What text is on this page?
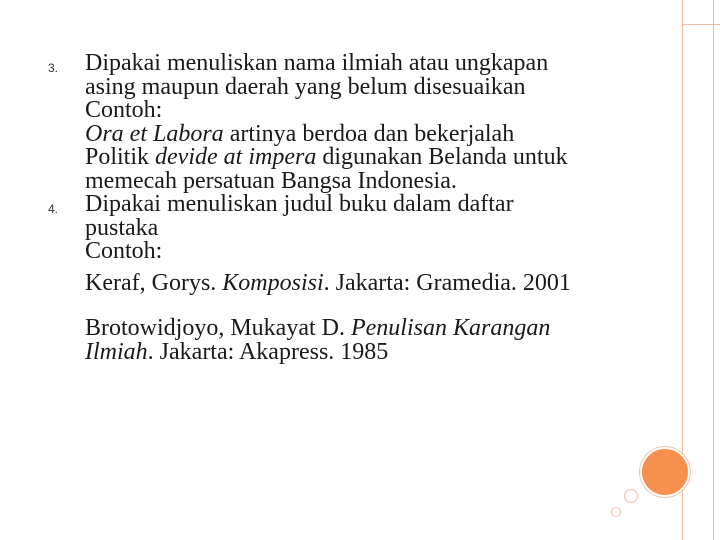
3. Dipakai menuliskan nama ilmiah atau ungkapan
asing maupun daerah yang belum disesuaikan
Contoh:
Ora et Labora artinya berdoa dan bekerjalah
Politik devide at impera digunakan Belanda untuk
memecah persatuan Bangsa Indonesia.
4. Dipakai menuliskan judul buku dalam daftar
pustaka
Contoh:
Keraf, Gorys. Komposisi. Jakarta: Gramedia. 2001
Brotowidjoyo, Mukayat D. Penulisan Karangan
Ilmiah. Jakarta: Akapress. 1985
